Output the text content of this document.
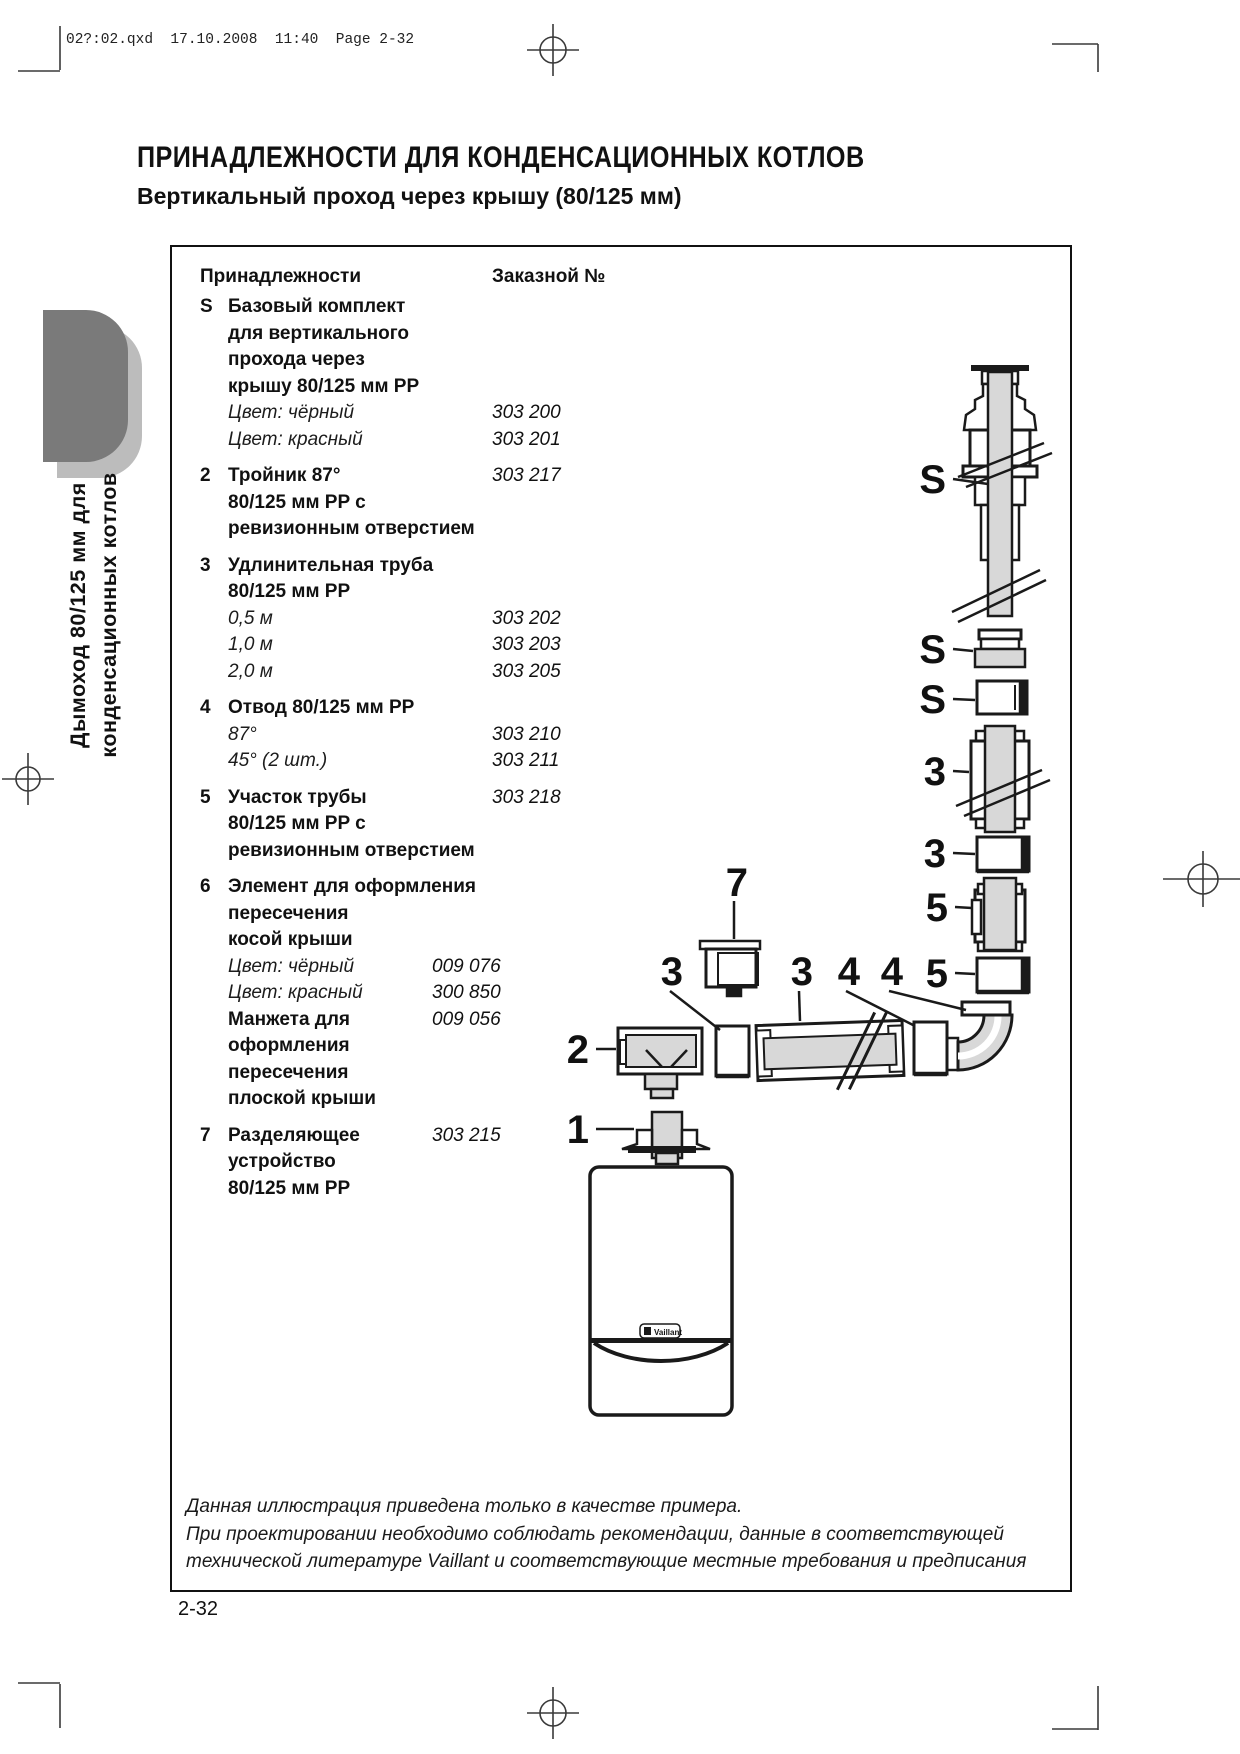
02?:02.qxd  17.10.2008  11:40  Page 2-32
Дымоход 80/125 мм для конденсационных котлов
ПРИНАДЛЕЖНОСТИ ДЛЯ КОНДЕНСАЦИОННЫХ КОТЛОВ
Вертикальный проход через крышу (80/125 мм)
Принадлежности	Заказной №
S Базовый комплект
для вертикального
прохода через
крышу 80/125 мм PP
Цвет: чёрный	303 200
Цвет: красный	303 201
2 Тройник 87°	303 217
80/125 мм PP с
ревизионным отверстием
3 Удлинительная труба
80/125 мм PP
0,5 м	303 202
1,0 м	303 203
2,0 м	303 205
4 Отвод 80/125 мм PP
87°	303 210
45° (2 шт.)	303 211
5 Участок трубы	303 218
80/125 мм PP с
ревизионным отверстием
6 Элемент для оформления
пересечения
косой крыши
Цвет: чёрный	009 076
Цвет: красный	300 850
Манжета для	009 056
оформления
пересечения
плоской крыши
7 Разделяющее	303 215
устройство
80/125 мм PP
Vaillant
S
S
S
3
3
5
5
7
3	3 4 4
2
1
Данная иллюстрация приведена только в качестве примера.
При проектировании необходимо соблюдать рекомендации, данные в соответствующей
технической литературе Vaillant и соответствующие местные требования и предписания
2-32
